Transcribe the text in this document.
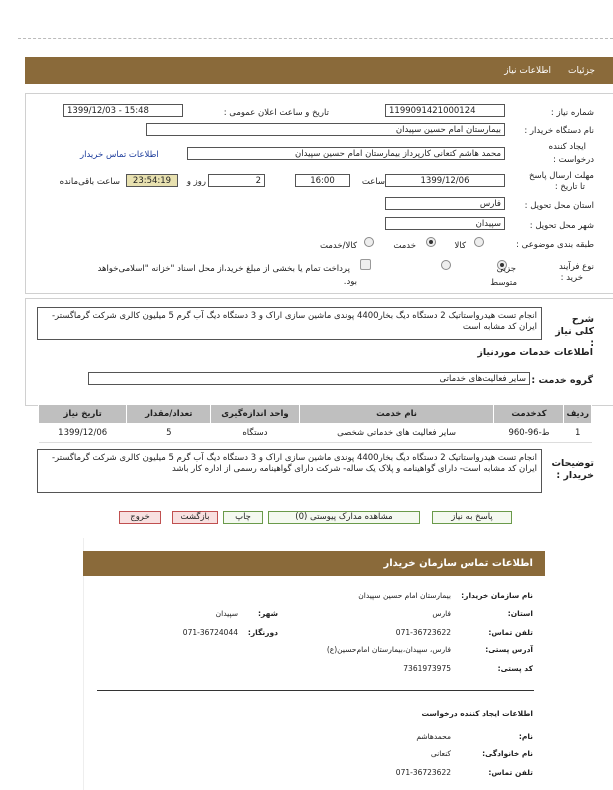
جزئیات
اطلاعات نیاز
شماره نیاز :
1199091421000124
تاریخ و ساعت اعلان عمومی :
1399/12/03 - 15:48
نام دستگاه خریدار :
بیمارستان امام حسین سپیدان
ایجاد کننده
درخواست :
محمد هاشم کتعانی کارپرداز بیمارستان امام حسین سپیدان
اطلاعات تماس خریدار
مهلت ارسال پاسخ
تا تاریخ :
1399/12/06
ساعت
16:00
2
روز و
23:54:19
ساعت باقی‌مانده
استان محل تحویل :
فارس
شهر محل تحویل :
سپیدان
طبقه بندی موضوعی :
کالا
خدمت
کالا/خدمت
نوع فرآیند
خرید :
جزیی
متوسط
پرداخت تمام یا بخشی از مبلغ خرید،از محل اسناد "خزانه "اسلامی‌خواهد
بود.
شرح کلی نیاز :
انجام تست هیدرواستاتیک 2 دستگاه دیگ بخار4400 پوندی ماشین سازی اراک و 3 دستگاه دیگ آب گرم 5 میلیون کالری شرکت گرماگستر- ایران کد مشابه است
اطلاعات خدمات موردنیاز
گروه خدمت :
سایر فعالیت‌های خدماتی
ردیف	کدخدمت	نام خدمت	واحد اندازه‌گیری	تعداد/مقدار	تاریخ نیاز
1	ط-96-960	سایر فعالیت های خدماتی شخصی	دستگاه	5	1399/12/06
توضیحات خریدار :
انجام تست هیدرواستاتیک 2 دستگاه دیگ بخار4400 پوندی ماشین سازی اراک و 3 دستگاه دیگ آب گرم 5 میلیون کالری شرکت گرماگستر- ایران کد مشابه است- دارای گواهینامه و پلاک یک ساله- شرکت دارای گواهینامه رسمی از اداره کار باشد
پاسخ به نیاز
مشاهده مدارک پیوستی (0)
چاپ
بازگشت
خروج
اطلاعات تماس سازمان خریدار
نام سازمان خریدار:
بیمارستان امام حسین سپیدان
استان:
فارس
شهر:
سپیدان
تلفن تماس:
071-36723622
دورنگار:
071-36724044
آدرس پستی:
فارس، سپیدان،بیمارستان امام‌حسین(ع)
کد پستی:
7361973975
اطلاعات ایجاد کننده درخواست
نام:
محمدهاشم
نام خانوادگی:
کنعانی
تلفن تماس:
071-36723622
